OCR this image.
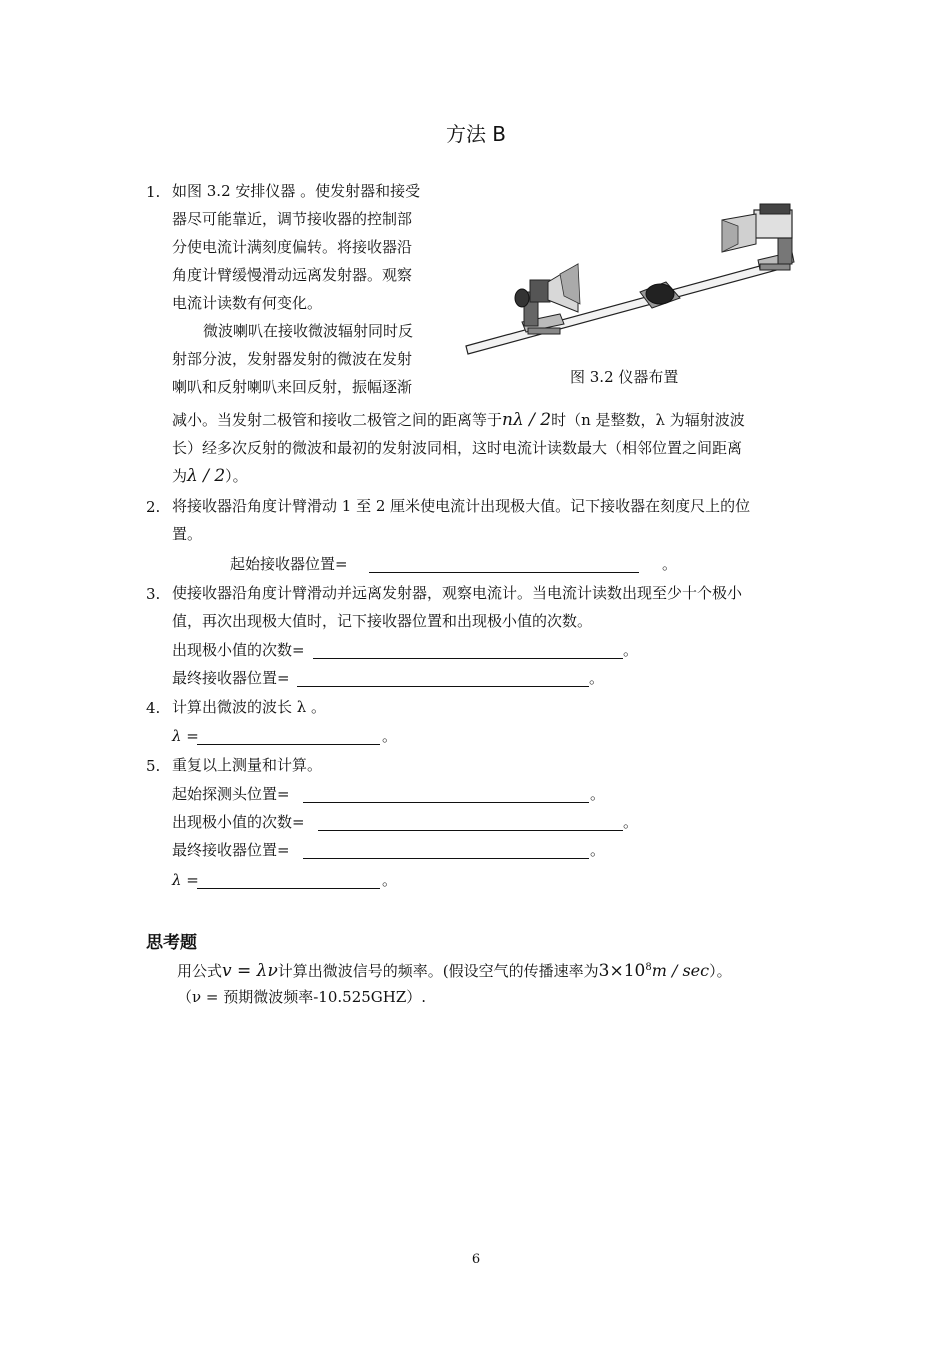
方法 B
1. 如图 3.2 安排仪器 。使发射器和接受
器尽可能靠近，调节接收器的控制部
分使电流计满刻度偏转。将接收器沿
角度计臂缓慢滑动远离发射器。观察
电流计读数有何变化。
微波喇叭在接收微波辐射同时反
射部分波，发射器发射的微波在发射
喇叭和反射喇叭来回反射，振幅逐渐
减小。当发射二极管和接收二极管之间的距离等于nλ / 2时（n 是整数，λ 为辐射波波
长）经多次反射的微波和最初的发射波同相，这时电流计读数最大（相邻位置之间距离
为λ / 2）。
图 3.2 仪器布置
2. 将接收器沿角度计臂滑动 1 至 2 厘米使电流计出现极大值。记下接收器在刻度尺上的位
置。
起始接收器位置=	。
3. 使接收器沿角度计臂滑动并远离发射器，观察电流计。当电流计读数出现至少十个极小
值，再次出现极大值时，记下接收器位置和出现极小值的次数。
出现极小值的次数=	。
最终接收器位置=	。
4. 计算出微波的波长 λ 。
λ =	。
5. 重复以上测量和计算。
起始探测头位置=	。
出现极小值的次数=	。
最终接收器位置=	。
λ =	。
思考题
用公式v = λν计算出微波信号的频率。(假设空气的传播速率为$3\times 10^8m / \sec$）。
（ν = 预期微波频率-10.525GHZ）.
6
